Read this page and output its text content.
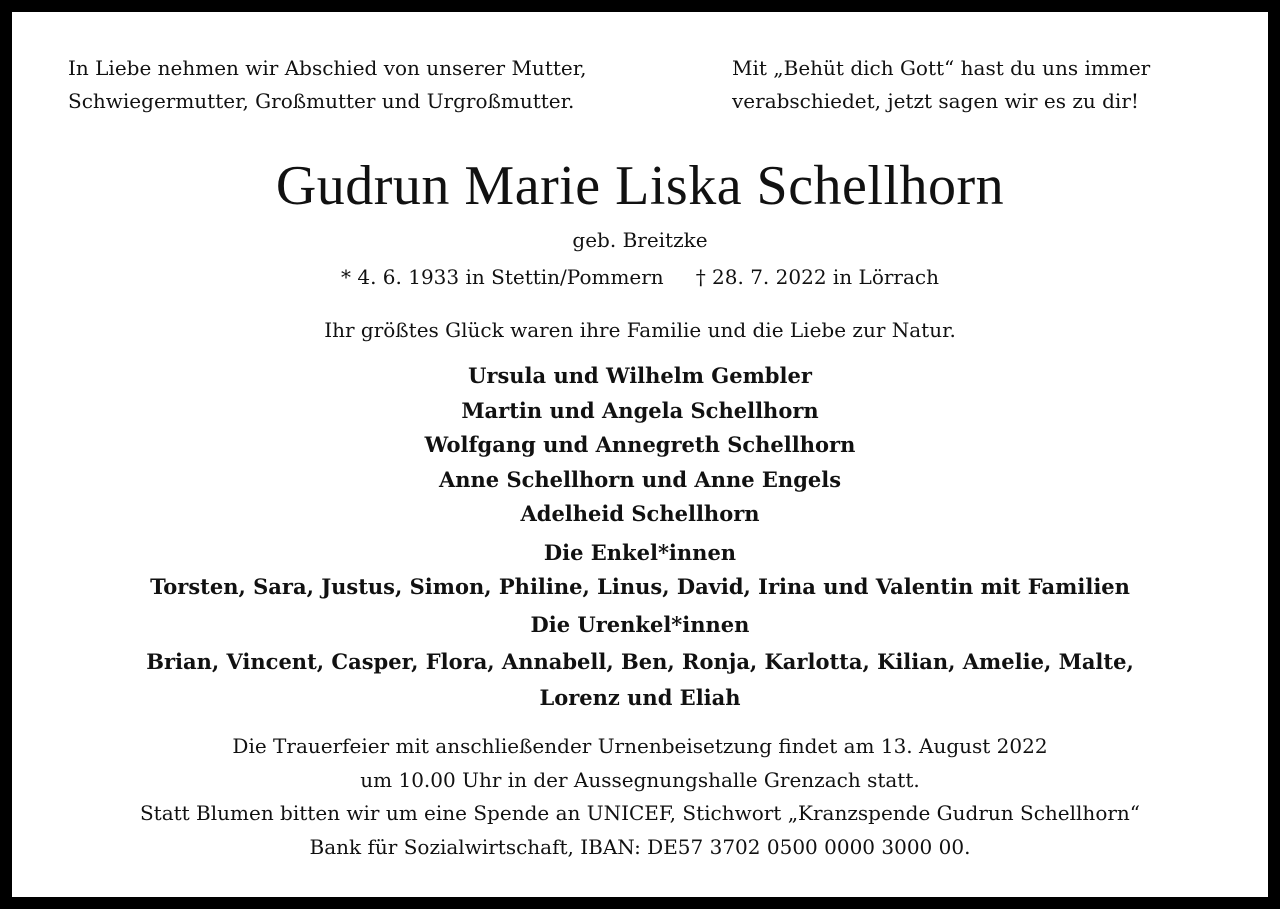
In Liebe nehmen wir Abschied von unserer Mutter,
Schwiegermutter, Großmutter und Urgroßmutter.
Mit „Behüt dich Gott“ hast du uns immer
verabschiedet, jetzt sagen wir es zu dir!
Gudrun Marie Liska Schellhorn
geb. Breitzke
* 4. 6. 1933 in Stettin/Pommern † 28. 7. 2022 in Lörrach
Ihr größtes Glück waren ihre Familie und die Liebe zur Natur.
Ursula und Wilhelm Gembler
Martin und Angela Schellhorn
Wolfgang und Annegreth Schellhorn
Anne Schellhorn und Anne Engels
Adelheid Schellhorn
Die Enkel*innen
Torsten, Sara, Justus, Simon, Philine, Linus, David, Irina und Valentin mit Familien
Die Urenkel*innen
Brian, Vincent, Casper, Flora, Annabell, Ben, Ronja, Karlotta, Kilian, Amelie, Malte,
Lorenz und Eliah
Die Trauerfeier mit anschließender Urnenbeisetzung findet am 13. August 2022
um 10.00 Uhr in der Aussegnungshalle Grenzach statt.
Statt Blumen bitten wir um eine Spende an UNICEF, Stichwort „Kranzspende Gudrun Schellhorn“
Bank für Sozialwirtschaft, IBAN: DE57 3702 0500 0000 3000 00.
